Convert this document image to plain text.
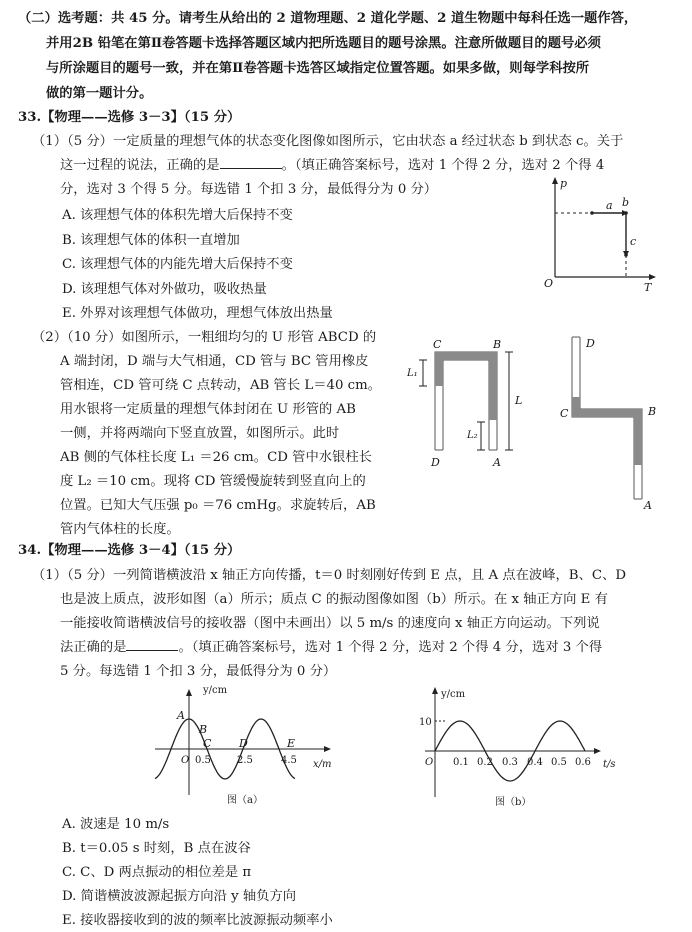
（二）选考题：共 45 分。请考生从给出的 2 道物理题、2 道化学题、2 道生物题中每科任选一题作答，
并用2B 铅笔在第Ⅱ卷答题卡选择答题区域内把所选题目的题号涂黑。注意所做题目的题号必须
与所涂题目的题号一致，并在第Ⅱ卷答题卡选答区域指定位置答题。如果多做，则每学科按所
做的第一题计分。
33.【物理——选修 3－3】（15 分）
（1）（5 分）一定质量的理想气体的状态变化图像如图所示，它由状态 a 经过状态 b 到状态 c。关于
这一过程的说法，正确的是	。（填正确答案标号，选对 1 个得 2 分，选对 2 个得 4
分，选对 3 个得 5 分。每选错 1 个扣 3 分，最低得分为 0 分）
A. 该理想气体的体积先增大后保持不变
B. 该理想气体的体积一直增加
C. 该理想气体的内能先增大后保持不变
D. 该理想气体对外做功，吸收热量
E. 外界对该理想气体做功，理想气体放出热量
p
T
O
a b
c
（2）（10 分）如图所示，一粗细均匀的 U 形管 ABCD 的
A 端封闭，D 端与大气相通，CD 管与 BC 管用橡皮
管相连，CD 管可绕 C 点转动，AB 管长 L＝40 cm。
用水银将一定质量的理想气体封闭在 U 形管的 AB
一侧，并将两端向下竖直放置，如图所示。此时
AB 侧的气体柱长度 L₁ ＝26 cm。CD 管中水银柱长
度 L₂ ＝10 cm。现将 CD 管缓慢旋转到竖直向上的
位置。已知大气压强 p₀ ＝76 cmHg。求旋转后，AB
管内气体柱的长度。
C	B
D	A
L₁
L₂
L
D
C	B
A
34.【物理——选修 3－4】（15 分）
（1）（5 分）一列简谐横波沿 x 轴正方向传播，t＝0 时刻刚好传到 E 点，且 A 点在波峰，B、C、D
也是波上质点，波形如图（a）所示；质点 C 的振动图像如图（b）所示。在 x 轴正方向 E 有
一能接收简谐横波信号的接收器（图中未画出）以 5 m/s 的速度向 x 轴正方向运动。下列说
法正确的是	。（填正确答案标号，选对 1 个得 2 分，选对 2 个得 4 分，选对 3 个得
5 分。每选错 1 个扣 3 分，最低得分为 0 分）
y/cm
x/m
O 0.5	2.5	4.5
A
B
C	D	E
图（a）
y/cm
10
t/s
O 0.1 0.2 0.3 0.4 0.5 0.6
图（b）
A. 波速是 10 m/s
B. t＝0.05 s 时刻，B 点在波谷
C. C、D 两点振动的相位差是 π
D. 简谐横波波源起振方向沿 y 轴负方向
E. 接收器接收到的波的频率比波源振动频率小
